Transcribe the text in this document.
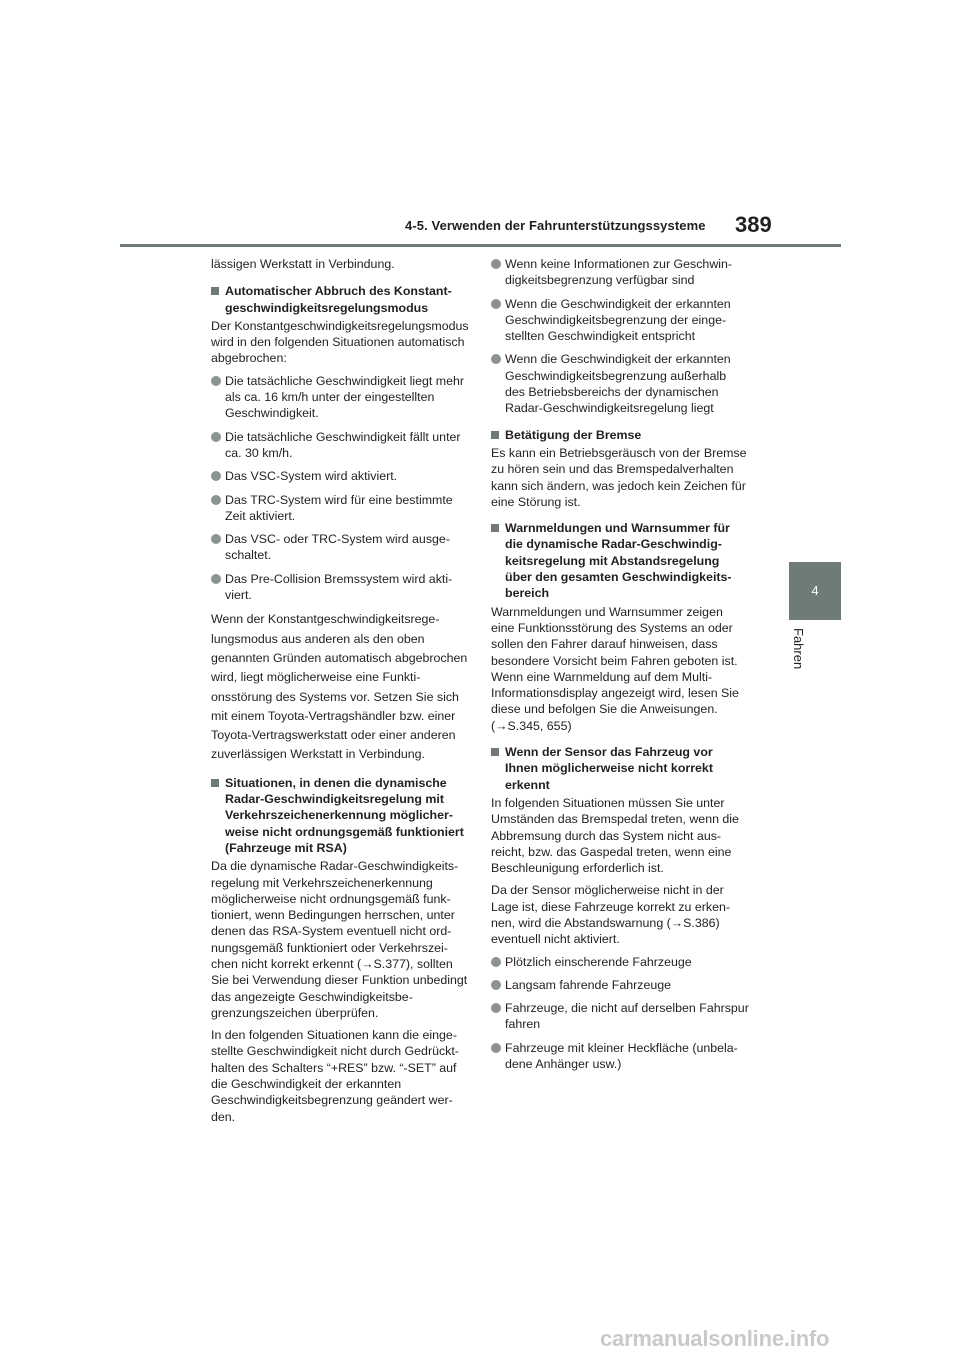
4-5. Verwenden der Fahrunterstützungssysteme 389
4
Fahren

lässigen Werkstatt in Verbindung.

Automatischer Abbruch des Konstantgeschwindigkeitsregelungsmodus

Der Konstantgeschwindigkeitsregelungsmodus wird in den folgenden Situationen automatisch abgebrochen:

Die tatsächliche Geschwindigkeit liegt mehr als ca. 16 km/h unter der eingestellten Geschwindigkeit.
Die tatsächliche Geschwindigkeit fällt unter ca. 30 km/h.
Das VSC-System wird aktiviert.
Das TRC-System wird für eine bestimmte Zeit aktiviert.
Das VSC- oder TRC-System wird ausgeschaltet.
Das Pre-Collision Bremssystem wird aktiviert.

Wenn der Konstantgeschwindigkeitsregelungsmodus aus anderen als den oben genannten Gründen automatisch abgebrochen wird, liegt möglicherweise eine Funktionsstörung des Systems vor. Setzen Sie sich mit einem Toyota-Vertragshändler bzw. einer Toyota-Vertragswerkstatt oder einer anderen zuverlässigen Werkstatt in Verbindung.

Situationen, in denen die dynamische Radar-Geschwindigkeitsregelung mit Verkehrszeichenerkennung möglicherweise nicht ordnungsgemäß funktioniert (Fahrzeuge mit RSA)

Da die dynamische Radar-Geschwindigkeitsregelung mit Verkehrszeichenerkennung möglicherweise nicht ordnungsgemäß funktioniert, wenn Bedingungen herrschen, unter denen das RSA-System eventuell nicht ordnungsgemäß funktioniert oder Verkehrszeichen nicht korrekt erkennt (→S.377), sollten Sie bei Verwendung dieser Funktion unbedingt das angezeigte Geschwindigkeitsbegrenzungszeichen überprüfen.

In den folgenden Situationen kann die eingestellte Geschwindigkeit nicht durch Gedrückthalten des Schalters “+RES” bzw. “-SET” auf die Geschwindigkeit der erkannten Geschwindigkeitsbegrenzung geändert werden.

Wenn keine Informationen zur Geschwindigkeitsbegrenzung verfügbar sind
Wenn die Geschwindigkeit der erkannten Geschwindigkeitsbegrenzung der eingestellten Geschwindigkeit entspricht
Wenn die Geschwindigkeit der erkannten Geschwindigkeitsbegrenzung außerhalb des Betriebsbereichs der dynamischen Radar-Geschwindigkeitsregelung liegt
Betätigung der Bremse

Es kann ein Betriebsgeräusch von der Bremse zu hören sein und das Bremspedalverhalten kann sich ändern, was jedoch kein Zeichen für eine Störung ist.

Warnmeldungen und Warnsummer für die dynamische Radar-Geschwindigkeitsregelung mit Abstandsregelung über den gesamten Geschwindigkeitsbereich

Warnmeldungen und Warnsummer zeigen eine Funktionsstörung des Systems an oder sollen den Fahrer darauf hinweisen, dass besondere Vorsicht beim Fahren geboten ist. Wenn eine Warnmeldung auf dem Multi-Informationsdisplay angezeigt wird, lesen Sie diese und befolgen Sie die Anweisungen. (→S.345, 655)

Wenn der Sensor das Fahrzeug vor Ihnen möglicherweise nicht korrekt erkennt

In folgenden Situationen müssen Sie unter Umständen das Bremspedal treten, wenn die Abbremsung durch das System nicht ausreicht, bzw. das Gaspedal treten, wenn eine Beschleunigung erforderlich ist.

Da der Sensor möglicherweise nicht in der Lage ist, diese Fahrzeuge korrekt zu erkennen, wird die Abstandswarnung (→S.386) eventuell nicht aktiviert.

Plötzlich einscherende Fahrzeuge
Langsam fahrende Fahrzeuge
Fahrzeuge, die nicht auf derselben Fahrspur fahren
Fahrzeuge mit kleiner Heckfläche (unbeladene Anhänger usw.)
carmanualsonline.info
